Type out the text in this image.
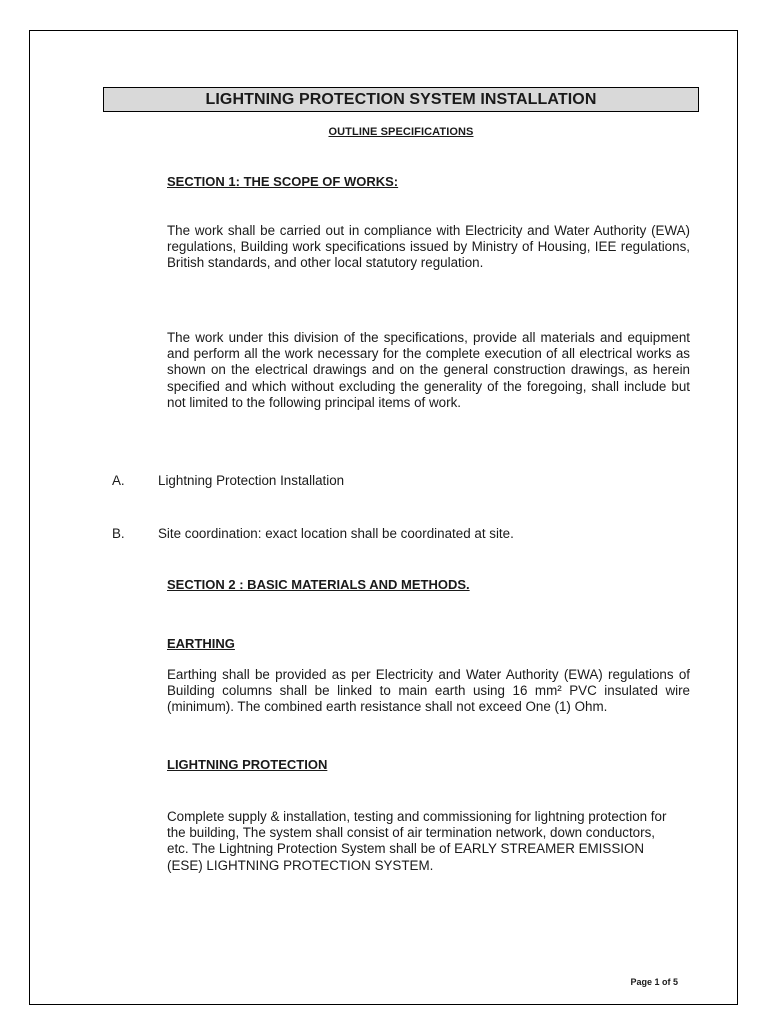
LIGHTNING PROTECTION SYSTEM INSTALLATION
OUTLINE SPECIFICATIONS
SECTION 1: THE SCOPE OF WORKS:
The work shall be carried out in compliance with Electricity and Water Authority (EWA) regulations, Building work specifications issued by Ministry of Housing, IEE regulations, British standards, and other local statutory regulation.
The work under this division of the specifications, provide all materials and equipment and perform all the work necessary for the complete execution of all electrical works as shown on the electrical drawings and on the general construction drawings, as herein specified and which without excluding the generality of the foregoing, shall include but not limited to the following principal items of work.
A. Lightning Protection Installation
B. Site coordination: exact location shall be coordinated at site.
SECTION 2 : BASIC MATERIALS AND METHODS.
EARTHING
Earthing shall be provided as per Electricity and Water Authority (EWA) regulations of Building columns shall be linked to main earth using 16 mm² PVC insulated wire (minimum). The combined earth resistance shall not exceed One (1) Ohm.
LIGHTNING PROTECTION
Complete supply & installation, testing and commissioning for lightning protection for the building, The system shall consist of air termination network, down conductors, etc. The Lightning Protection System shall be of EARLY STREAMER EMISSION (ESE) LIGHTNING PROTECTION SYSTEM.
Page 1 of 5
